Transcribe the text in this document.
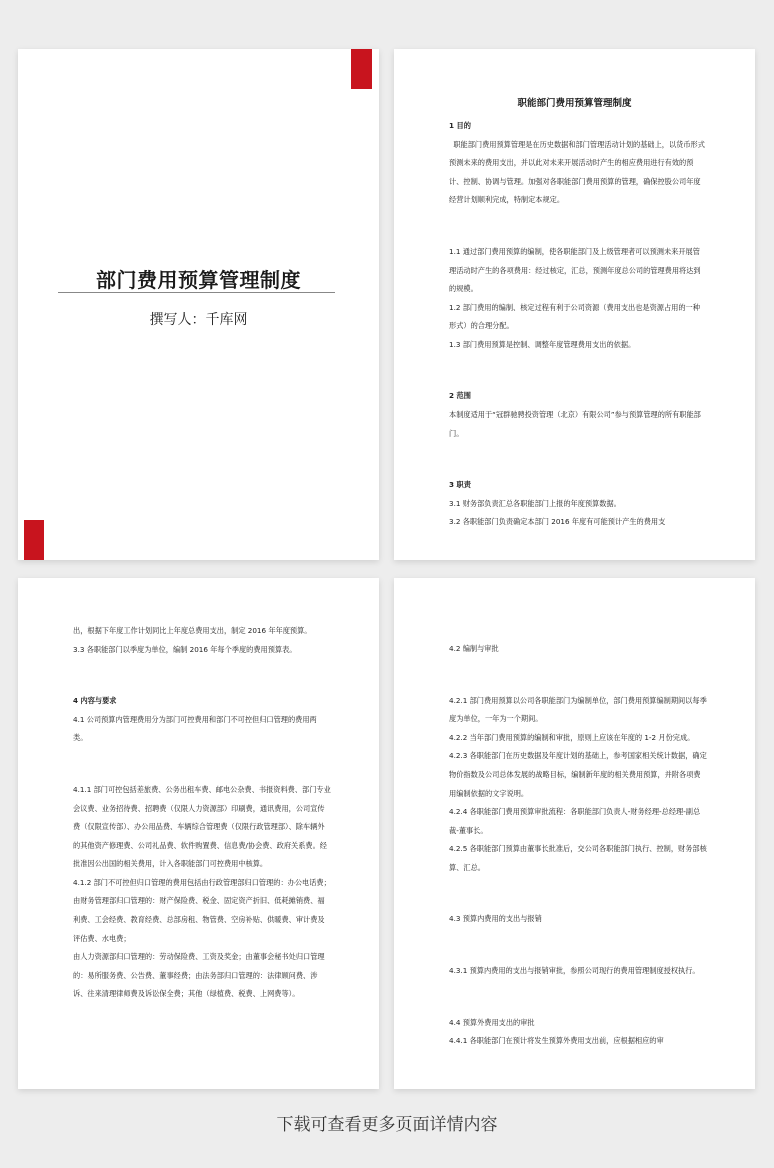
部门费用预算管理制度
撰写人：千库网
职能部门费用预算管理制度

1 目的

职能部门费用预算管理是在历史数据和部门管理活动计划的基础上，以货币形式预测未来的费用支出，并以此对未来开展活动时产生的相应费用进行有效的预计、控制、协调与管理。加强对各职能部门费用预算的管理，确保控股公司年度经营计划顺利完成，特制定本规定。

1.1 通过部门费用预算的编制，使各职能部门及上级管理者可以预测未来开展管理活动时产生的各项费用：经过核定，汇总，预测年度总公司的管理费用将达到的规模。

1.2 部门费用的编制、核定过程有利于公司资源（费用支出也是资源占用的一种形式）的合理分配。

1.3 部门费用预算是控制、调整年度管理费用支出的依据。

2 范围

本制度适用于“冠群驰骋投资管理（北京）有限公司”参与预算管理的所有职能部门。

3 职责

3.1 财务部负责汇总各职能部门上报的年度预算数据。

3.2 各职能部门负责确定本部门 2016 年度有可能预计产生的费用支

出，根据下年度工作计划同比上年度总费用支出，制定 2016 年年度预算。

3.3 各职能部门以季度为单位，编制 2016 年每个季度的费用预算表。

4 内容与要求

4.1 公司预算内管理费用分为部门可控费用和部门不可控但归口管理的费用两类。

4.1.1 部门可控包括差旅费、公务出租车费、邮电公杂费、书报资料费、部门专业会议费、业务招待费、招聘费（仅限人力资源部）印刷费，通讯费用，公司宣传费（仅限宣传部）、办公用品费、车辆综合管理费（仅限行政管理部）、除车辆外的其他资产修理费、公司礼品费、软件购置费、信息费/协会费、政府关系费。经批准因公出国的相关费用，计入各职能部门可控费用中核算。

4.1.2 部门不可控但归口管理的费用包括由行政管理部归口管理的：办公电话费；由财务管理部归口管理的：财产保险费、税金、固定资产折旧、低耗摊销费、福利费、工会经费、教育经费、总部房租、物管费、空房补贴、供暖费、审计费及评估费、水电费；

由人力资源部归口管理的：劳动保险费、工资及奖金；由董事会秘书处归口管理的：易所服务费、公告费、董事经费；由法务部归口管理的：法律顾问费、涉诉、往来清理律师费及诉讼保全费；其他（绿植费、税费、上网费等）。

4.2 编制与审批

4.2.1 部门费用预算以公司各职能部门为编制单位，部门费用预算编制期间以每季度为单位，一年为一个期间。

4.2.2 当年部门费用预算的编制和审批，原则上应该在年度的 1-2 月份完成。

4.2.3 各职能部门在历史数据及年度计划的基础上，参考国家相关统计数据，确定物价指数及公司总体发展的战略目标，编制新年度的相关费用预算，并附各项费用编制依据的文字说明。

4.2.4 各职能部门费用预算审批流程：各职能部门负责人-财务经理-总经理-副总裁-董事长。

4.2.5 各职能部门预算由董事长批准后，交公司各职能部门执行、控制，财务部核算、汇总。

4.3 预算内费用的支出与报销

4.3.1 预算内费用的支出与报销审批，参照公司现行的费用管理制度授权执行。

4.4 预算外费用支出的审批

4.4.1 各职能部门在预计将发生预算外费用支出前，应根据相应的审

下载可查看更多页面详情内容
